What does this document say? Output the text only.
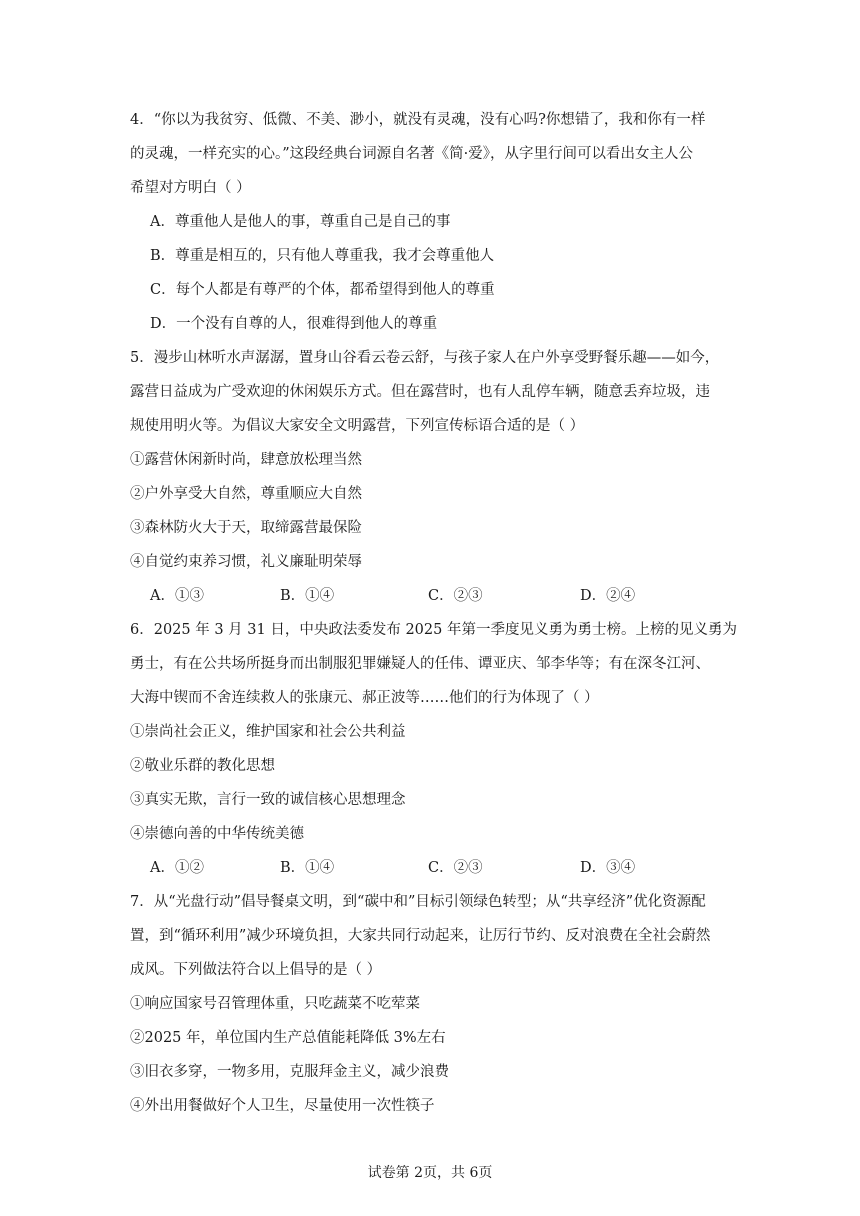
4．“你以为我贫穷、低微、不美、渺小，就没有灵魂，没有心吗?你想错了，我和你有一样
的灵魂，一样充实的心。”这段经典台词源自名著《简·爱》，从字里行间可以看出女主人公
希望对方明白（ ）
A．尊重他人是他人的事，尊重自己是自己的事
B．尊重是相互的，只有他人尊重我，我才会尊重他人
C．每个人都是有尊严的个体，都希望得到他人的尊重
D．一个没有自尊的人，很难得到他人的尊重
5．漫步山林听水声潺潺，置身山谷看云卷云舒，与孩子家人在户外享受野餐乐趣——如今，
露营日益成为广受欢迎的休闲娱乐方式。但在露营时，也有人乱停车辆，随意丢弃垃圾，违
规使用明火等。为倡议大家安全文明露营，下列宣传标语合适的是（ ）
①露营休闲新时尚，肆意放松理当然
②户外享受大自然，尊重顺应大自然
③森林防火大于天，取缔露营最保险
④自觉约束养习惯，礼义廉耻明荣辱
A．①③	B．①④	C．②③	D．②④
6．2025 年 3 月 31 日，中央政法委发布 2025 年第一季度见义勇为勇士榜。上榜的见义勇为
勇士，有在公共场所挺身而出制服犯罪嫌疑人的任伟、谭亚庆、邹李华等；有在深冬江河、
大海中锲而不舍连续救人的张康元、郝正波等……他们的行为体现了（ ）
①崇尚社会正义，维护国家和社会公共利益
②敬业乐群的教化思想
③真实无欺，言行一致的诚信核心思想理念
④崇德向善的中华传统美德
A．①②	B．①④	C．②③	D．③④
7．从“光盘行动”倡导餐桌文明，到“碳中和”目标引领绿色转型；从“共享经济”优化资源配
置，到“循环利用”减少环境负担，大家共同行动起来，让厉行节约、反对浪费在全社会蔚然
成风。下列做法符合以上倡导的是（ ）
①响应国家号召管理体重，只吃蔬菜不吃荤菜
②2025 年，单位国内生产总值能耗降低 3%左右
③旧衣多穿，一物多用，克服拜金主义，减少浪费
④外出用餐做好个人卫生，尽量使用一次性筷子
试卷第 2页，共 6页
